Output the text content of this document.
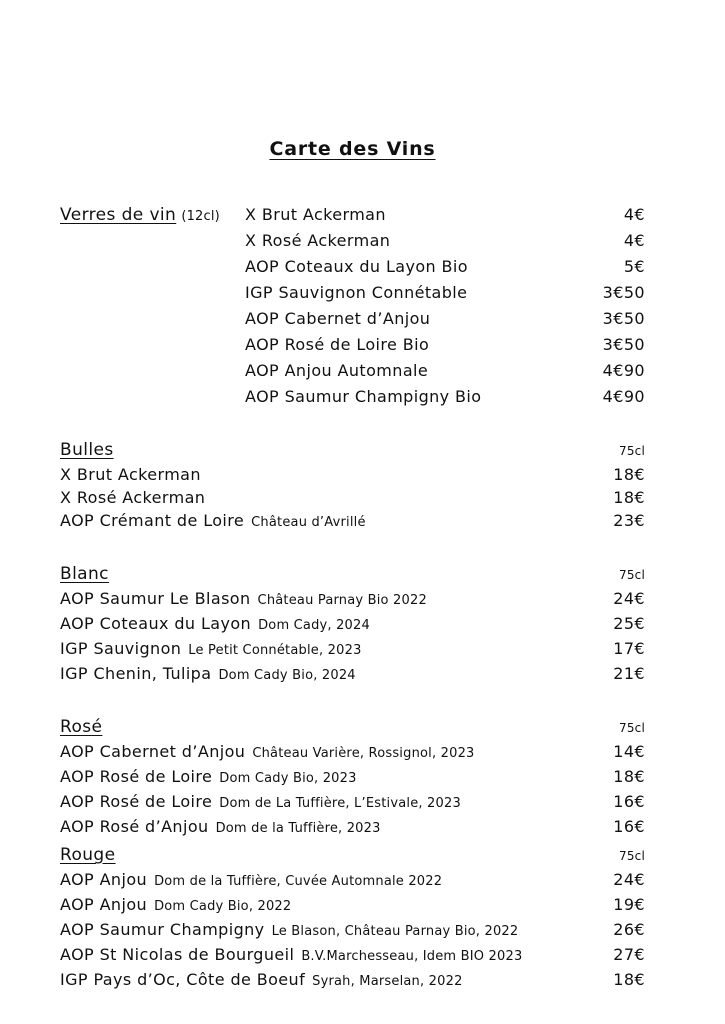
Carte des Vins
Verres de vin (12cl)	X Brut Ackerman	4€
X Rosé Ackerman	4€
AOP Coteaux du Layon Bio	5€
IGP Sauvignon Connétable	3€50
AOP Cabernet d’Anjou	3€50
AOP Rosé de Loire Bio	3€50
AOP Anjou Automnale	4€90
AOP Saumur Champigny Bio	4€90
Bulles	75cl
X Brut Ackerman	18€
X Rosé Ackerman	18€
AOP Crémant de Loire Château d’Avrillé	23€
Blanc	75cl
AOP Saumur Le Blason Château Parnay Bio 2022	24€
AOP Coteaux du Layon Dom Cady, 2024	25€
IGP Sauvignon Le Petit Connétable, 2023	17€
IGP Chenin, Tulipa Dom Cady Bio, 2024	21€
Rosé	75cl
AOP Cabernet d’Anjou Château Varière, Rossignol, 2023	14€
AOP Rosé de Loire Dom Cady Bio, 2023	18€
AOP Rosé de Loire Dom de La Tuffière, L’Estivale, 2023	16€
AOP Rosé d’Anjou Dom de la Tuffière, 2023	16€
Rouge	75cl
AOP Anjou Dom de la Tuffière, Cuvée Automnale 2022	24€
AOP Anjou Dom Cady Bio, 2022	19€
AOP Saumur Champigny Le Blason, Château Parnay Bio, 2022	26€
AOP St Nicolas de Bourgueil B.V.Marchesseau, Idem BIO 2023	27€
IGP Pays d’Oc, Côte de Boeuf Syrah, Marselan, 2022	18€
